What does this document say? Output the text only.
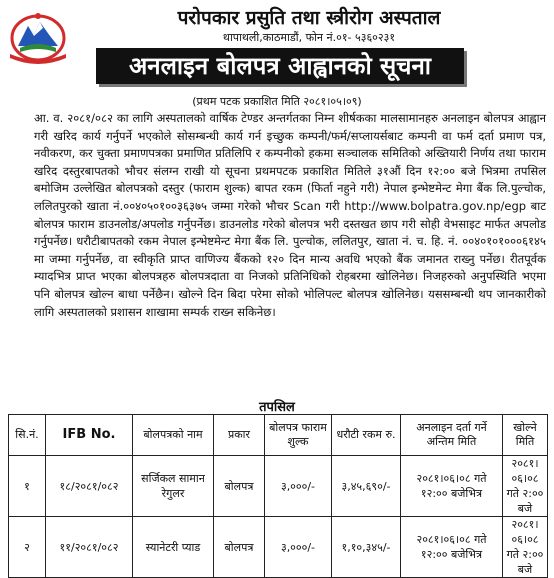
परोपकार प्रसुति तथा स्त्रीरोग अस्पताल
थापाथली,काठमाडौं, फोन नं.०१- ५३६०२३१
अनलाइन बोलपत्र आह्वानको सूचना
(प्रथम पटक प्रकाशित मिति २०८१।०५।०९)

आ. व. २०८१/०८२ का लागि अस्पतालको वार्षिक टेण्डर अन्तर्गतका निम्न शीर्षकका मालसामानहरु अनलाइन बोलपत्र आह्वान गरी खरिद कार्य गर्नुपर्ने भएकोले सोसम्बन्धी कार्य गर्न इच्छुक कम्पनी/फर्म/सप्लायर्सबाट कम्पनी वा फर्म दर्ता प्रमाण पत्र, नवीकरण, कर चुक्ता प्रमाणपत्रका प्रमाणित प्रतिलिपि र कम्पनीको हकमा सञ्चालक समितिको अख्तियारी निर्णय तथा फाराम खरिद दस्तुरबापतको भौचर संलग्न राखी यो सूचना प्रथमपटक प्रकाशित मितिले ३१औं दिन १२:०० बजे भित्रमा तपसिल बमोजिम उल्लेखित बोलपत्रको दस्तुर (फाराम शुल्क) बापत रकम (फिर्ता नहुने गरी) नेपाल इन्भेष्टमेन्ट मेगा बैंक लि.पुल्चोक, ललितपुरको खाता नं.००४०५०१००३६३७५ जम्मा गरेको भौचर Scan गरी http://www.bolpatra.gov.np/egp बाट बोलपत्र फाराम डाउनलोड/अपलोड गर्नुपर्नेछ। डाउनलोड गरेको बोलपत्र भरी दस्तखत छाप गरी सोही वेभसाइट मार्फत अपलोड गर्नुपर्नेछ। धरौटीबापतको रकम नेपाल इन्भेष्टमेन्ट मेगा बैंक लि. पुल्चोक, ललितपुर, खाता नं. च. हि. नं. ००४०१०१०००६१४५ मा जम्मा गर्नुपर्नेछ, वा स्वीकृति प्राप्त वाणिज्य बैंकको १२० दिन मान्य अवधि भएको बैंक जमानत राख्नु पर्नेछ। रीतपूर्वक म्यादभित्र प्राप्त भएका बोलपत्रहरु बोलपत्रदाता वा निजको प्रतिनिधिको रोहबरमा खोलिनेछ। निजहरुको अनुपस्थिति भएमा पनि बोलपत्र खोल्न बाधा पर्नेछैन। खोल्ने दिन बिदा परेमा सोको भोलिपल्ट बोलपत्र खोलिनेछ। यससम्बन्धी थप जानकारीको लागि अस्पतालको प्रशासन शाखामा सम्पर्क राख्न सकिनेछ।

तपसिल
सि.नं.	IFB No.	बोलपत्रको नाम	प्रकार	बोलपत्र फाराम शुल्क	धरौटी रकम रु.	अनलाइन दर्ता गर्ने अन्तिम मिति	खोल्ने मिति
१	१८/२०८१/०८२	सर्जिकल सामान रेगुलर	बोलपत्र	३,०००/-	३,४५,६९०/-	२०८१।०६।०८ गते १२:०० बजेभित्र	२०८१।०६।०८ गते २:०० बजे
२	११/२०८१/०८२	स्यानेटरी प्याड	बोलपत्र	३,०००/-	१,१०,३४५/-	२०८१।०६।०८ गते १२:०० बजेभित्र	२०८१।०६।०८ गते २:०० बजे
